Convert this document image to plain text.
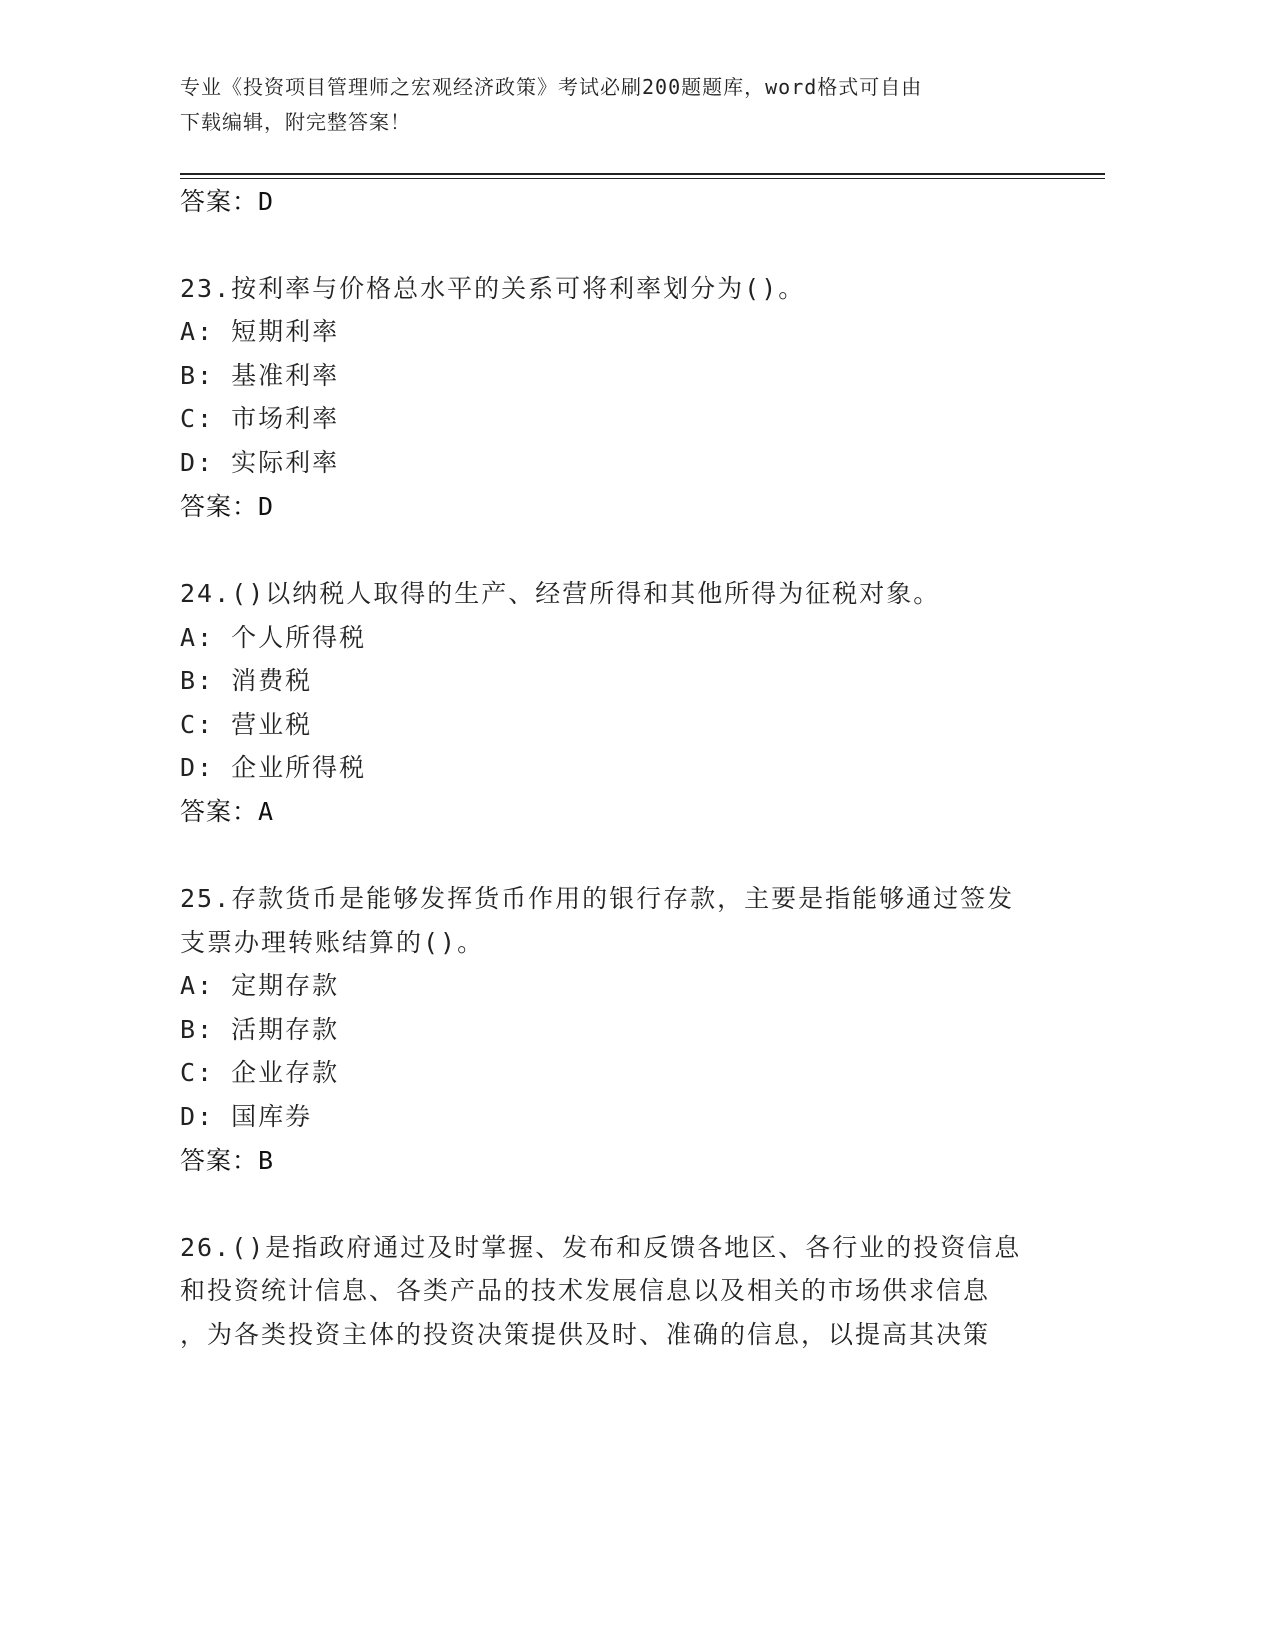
专业《投资项目管理师之宏观经济政策》考试必刷200题题库，word格式可自由
下载编辑，附完整答案！
答案：D
23.按利率与价格总水平的关系可将利率划分为()。
A: 短期利率
B: 基准利率
C: 市场利率
D: 实际利率
答案：D
24.()以纳税人取得的生产、经营所得和其他所得为征税对象。
A: 个人所得税
B: 消费税
C: 营业税
D: 企业所得税
答案：A
25.存款货币是能够发挥货币作用的银行存款，主要是指能够通过签发
支票办理转账结算的()。
A: 定期存款
B: 活期存款
C: 企业存款
D: 国库券
答案：B
26.()是指政府通过及时掌握、发布和反馈各地区、各行业的投资信息
和投资统计信息、各类产品的技术发展信息以及相关的市场供求信息
，为各类投资主体的投资决策提供及时、准确的信息，以提高其决策
